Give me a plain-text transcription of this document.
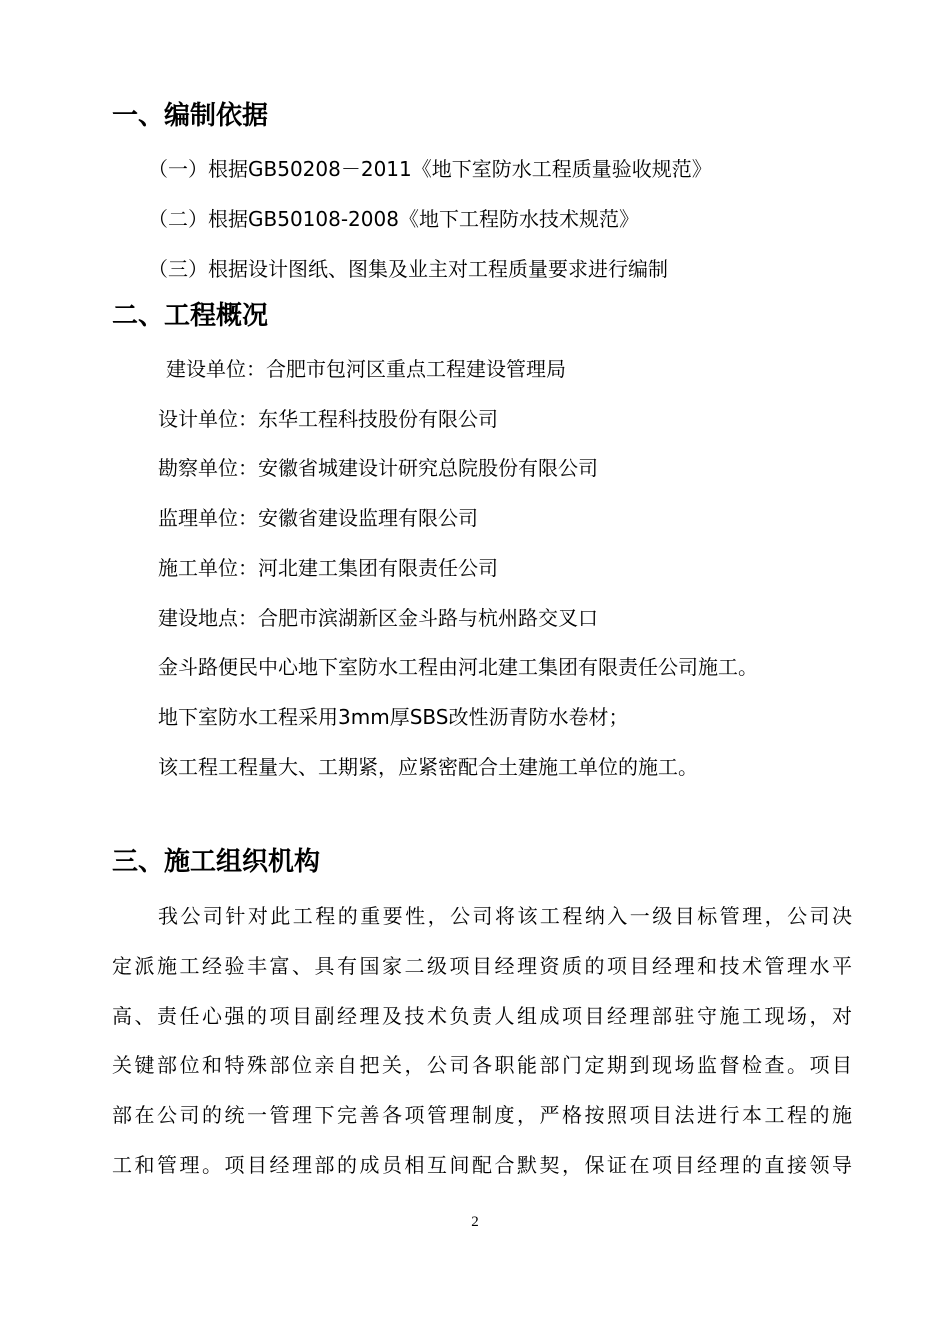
一、编制依据
（一）根据GB50208－2011《地下室防水工程质量验收规范》
（二）根据GB50108-2008《地下工程防水技术规范》
（三）根据设计图纸、图集及业主对工程质量要求进行编制
二、工程概况
建设单位：合肥市包河区重点工程建设管理局
设计单位：东华工程科技股份有限公司
勘察单位：安徽省城建设计研究总院股份有限公司
监理单位：安徽省建设监理有限公司
施工单位：河北建工集团有限责任公司
建设地点：合肥市滨湖新区金斗路与杭州路交叉口
金斗路便民中心地下室防水工程由河北建工集团有限责任公司施工。
地下室防水工程采用3mm厚SBS改性沥青防水卷材；
该工程工程量大、工期紧，应紧密配合土建施工单位的施工。
三、施工组织机构
我公司针对此工程的重要性，公司将该工程纳入一级目标管理，公司决
定派施工经验丰富、具有国家二级项目经理资质的项目经理和技术管理水平
高、责任心强的项目副经理及技术负责人组成项目经理部驻守施工现场，对
关键部位和特殊部位亲自把关，公司各职能部门定期到现场监督检查。项目
部在公司的统一管理下完善各项管理制度，严格按照项目法进行本工程的施
工和管理。项目经理部的成员相互间配合默契，保证在项目经理的直接领导
2
